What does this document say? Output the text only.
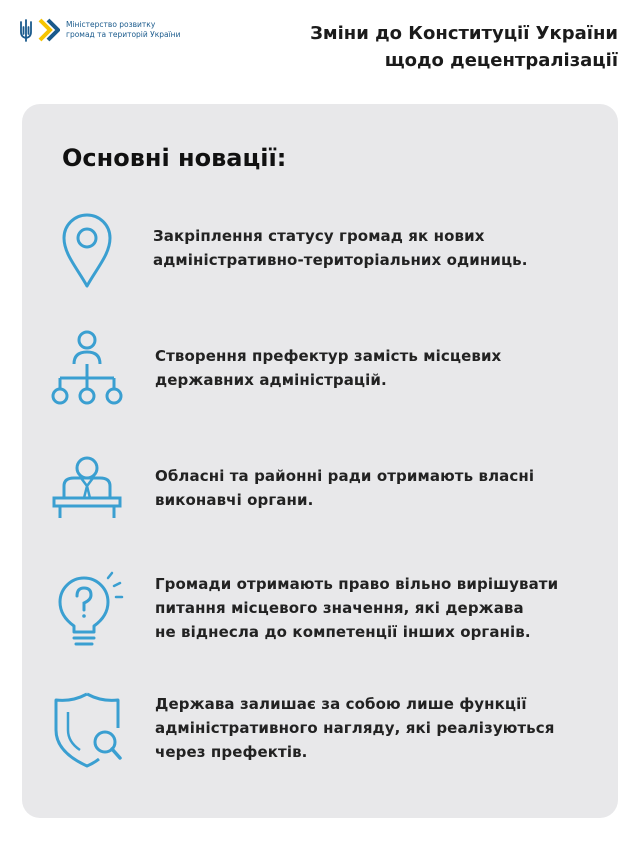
Міністерство розвитку
громад та територій України	Зміни до Конституції України
щодо децентралізації
Основні новації:
Закріплення статусу громад як нових
адміністративно-територіальних одиниць.
Створення префектур замість місцевих
державних адміністрацій.
Обласні та районні ради отримають власні
виконавчі органи.
Громади отримають право вільно вирішувати
питання місцевого значення, які держава
не віднесла до компетенції інших органів.
Держава залишає за собою лише функції
адміністративного нагляду, які реалізуються
через префектів.
